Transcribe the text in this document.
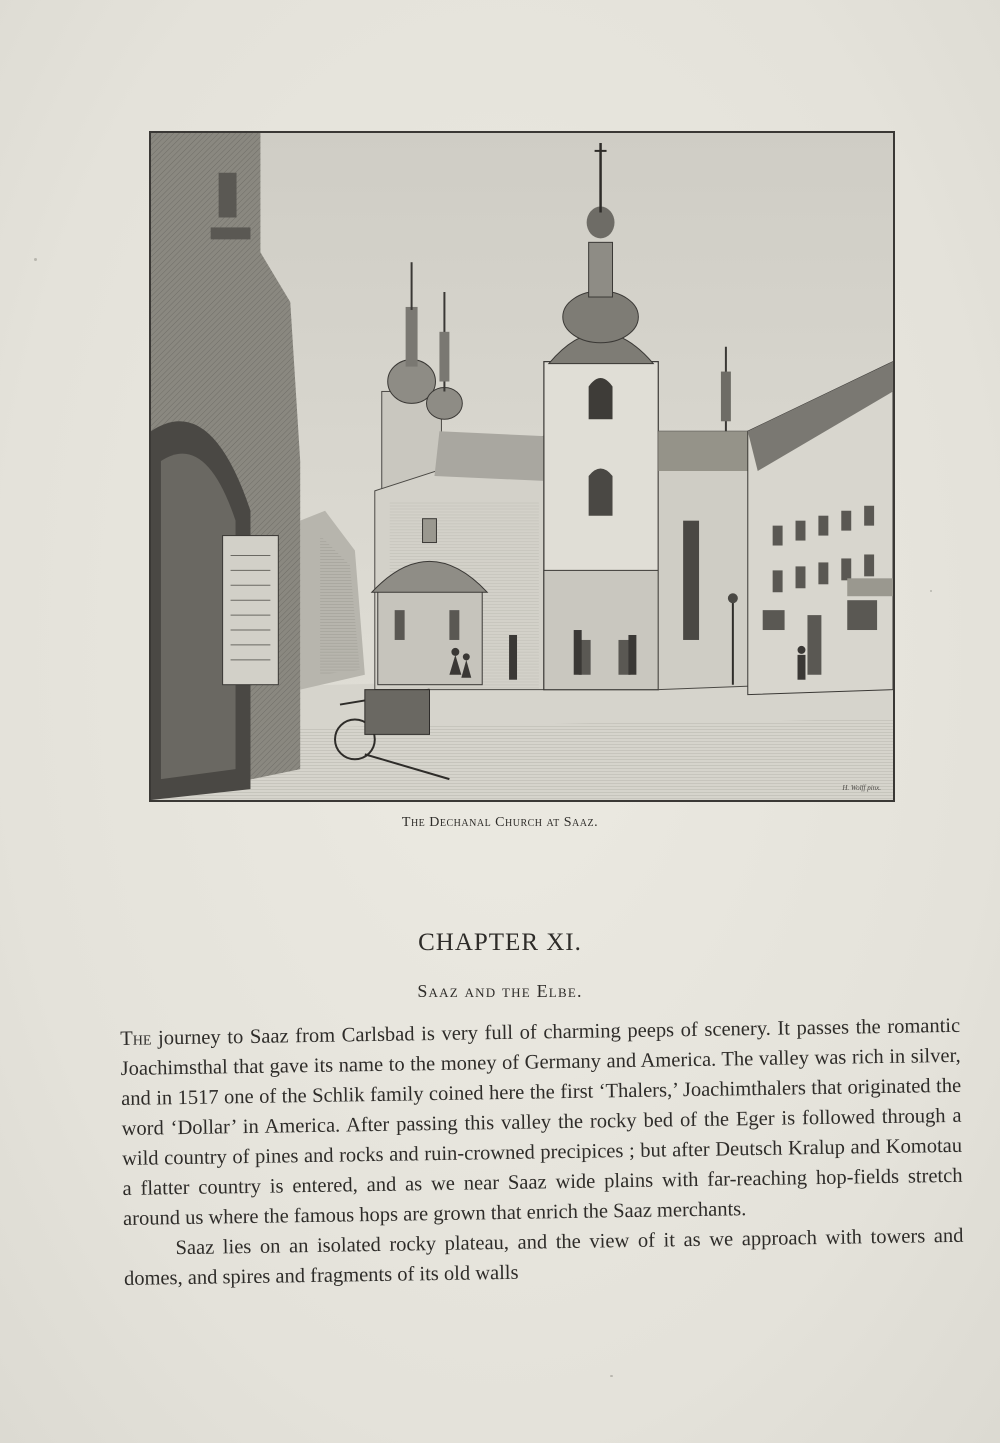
H. Wolff pinx.
The Dechanal Church at Saaz.
CHAPTER XI.
Saaz and the Elbe.

The journey to Saaz from Carlsbad is very full of charming peeps of scenery. It passes the romantic Joachimsthal that gave its name to the money of Germany and America. The valley was rich in silver, and in 1517 one of the Schlik family coined here the first ‘Thalers,’ Joachimthalers that originated the word ‘Dollar’ in America. After passing this valley the rocky bed of the Eger is followed through a wild country of pines and rocks and ruin-crowned precipices ; but after Deutsch Kralup and Komotau a flatter country is entered, and as we near Saaz wide plains with far-reaching hop-fields stretch around us where the famous hops are grown that enrich the Saaz merchants.

Saaz lies on an isolated rocky plateau, and the view of it as we approach with towers and domes, and spires and fragments of its old walls
